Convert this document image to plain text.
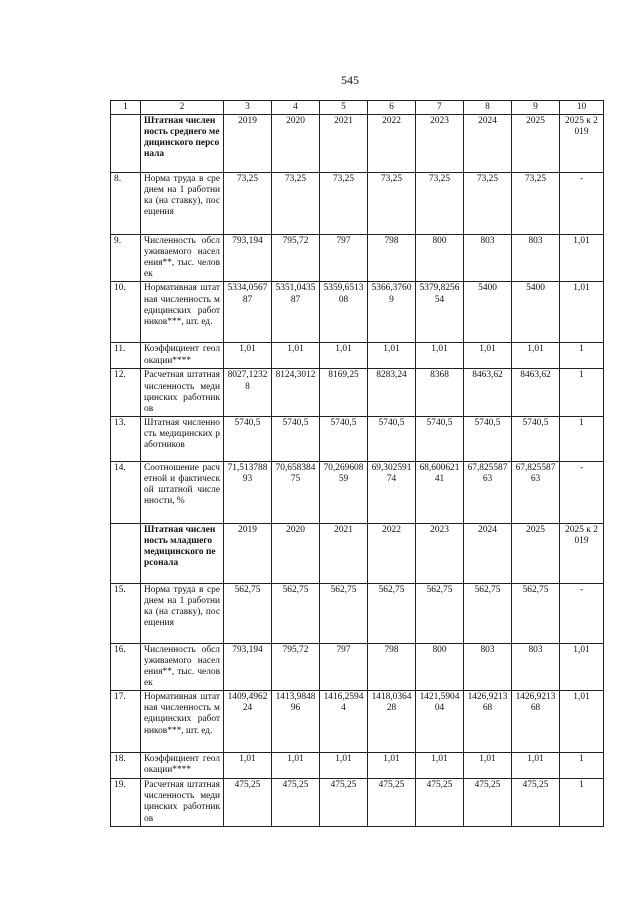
545
1	2	3	4	5	6	7	8	9	10
	Штатная численность среднего медицинского персонала	2019	2020	2021	2022	2023	2024	2025	2025 к 2019
8.	Норма труда в среднем на 1 работника (на ставку), посещения	73,25	73,25	73,25	73,25	73,25	73,25	73,25	-
9.	Численность обслуживаемого населения**, тыс. человек	793,194	795,72	797	798	800	803	803	1,01
10.	Нормативная штатная численность медицинских работников***, шт. ед.	5334,056787	5351,043587	5359,651308	5366,37609	5379,825654	5400	5400	1,01
11.	Коэффициент геолокации****	1,01	1,01	1,01	1,01	1,01	1,01	1,01	1
12.	Расчетная штатная численность медицинских работников	8027,12328	8124,3012	8169,25	8283,24	8368	8463,62	8463,62	1
13.	Штатная численность медицинских работников	5740,5	5740,5	5740,5	5740,5	5740,5	5740,5	5740,5	1
14.	Соотношение расчетной и фактической штатной численности, %	71,51378893	70,65838475	70,26960859	69,30259174	68,60062141	67,82558763	67,82558763	-
	Штатная численность младшего медицинского персонала	2019	2020	2021	2022	2023	2024	2025	2025 к 2019
15.	Норма труда в среднем на 1 работника (на ставку), посещения	562,75	562,75	562,75	562,75	562,75	562,75	562,75	-
16.	Численность обслуживаемого населения**, тыс. человек	793,194	795,72	797	798	800	803	803	1,01
17.	Нормативная штатная численность медицинских работников***, шт. ед.	1409,496224	1413,984896	1416,25944	1418,036428	1421,590404	1426,921368	1426,921368	1,01
18.	Коэффициент геолокации****	1,01	1,01	1,01	1,01	1,01	1,01	1,01	1
19.	Расчетная штатная численность медицинских работников	475,25	475,25	475,25	475,25	475,25	475,25	475,25	1
